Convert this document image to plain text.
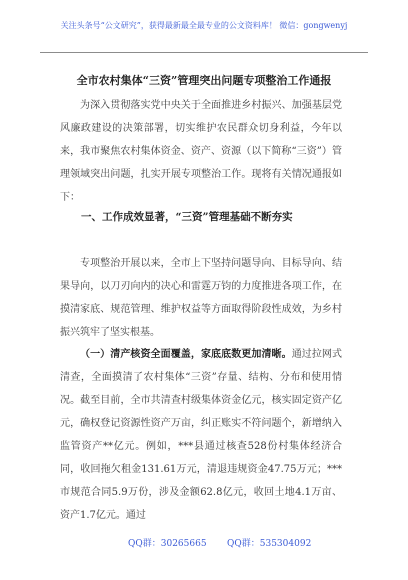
关注头条号“公文研究”，获得最新最全最专业的公文资料库！ 微信：gongwenyj
全市农村集体“三资”管理突出问题专项整治工作通报

为深入贯彻落实党中央关于全面推进乡村振兴、加强基层党风廉政建设的决策部署，切实维护农民群众切身利益，今年以来，我市聚焦农村集体资金、资产、资源（以下简称“三资”）管理领域突出问题，扎实开展专项整治工作。现将有关情况通报如下：

一、工作成效显著，“三资”管理基础不断夯实

专项整治开展以来，全市上下坚持问题导向、目标导向、结果导向，以刀刃向内的决心和雷霆万钧的力度推进各项工作，在摸清家底、规范管理、维护权益等方面取得阶段性成效，为乡村振兴筑牢了坚实根基。

（一）清产核资全面覆盖，家底底数更加清晰。通过拉网式清查，全面摸清了农村集体“三资”存量、结构、分布和使用情况。截至目前，全市共清查村级集体资金亿元，核实固定资产亿元，确权登记资源性资产万亩，纠正账实不符问题个，新增纳入监管资产**亿元。例如，***县通过核查528份村集体经济合同，收回拖欠租金131.61万元，清退违规资金47.75万元；***市规范合同5.9万份，涉及金额62.8亿元，收回土地4.1万亩、资产1.7亿元。通过

QQ群：30265665 QQ群：535304092
